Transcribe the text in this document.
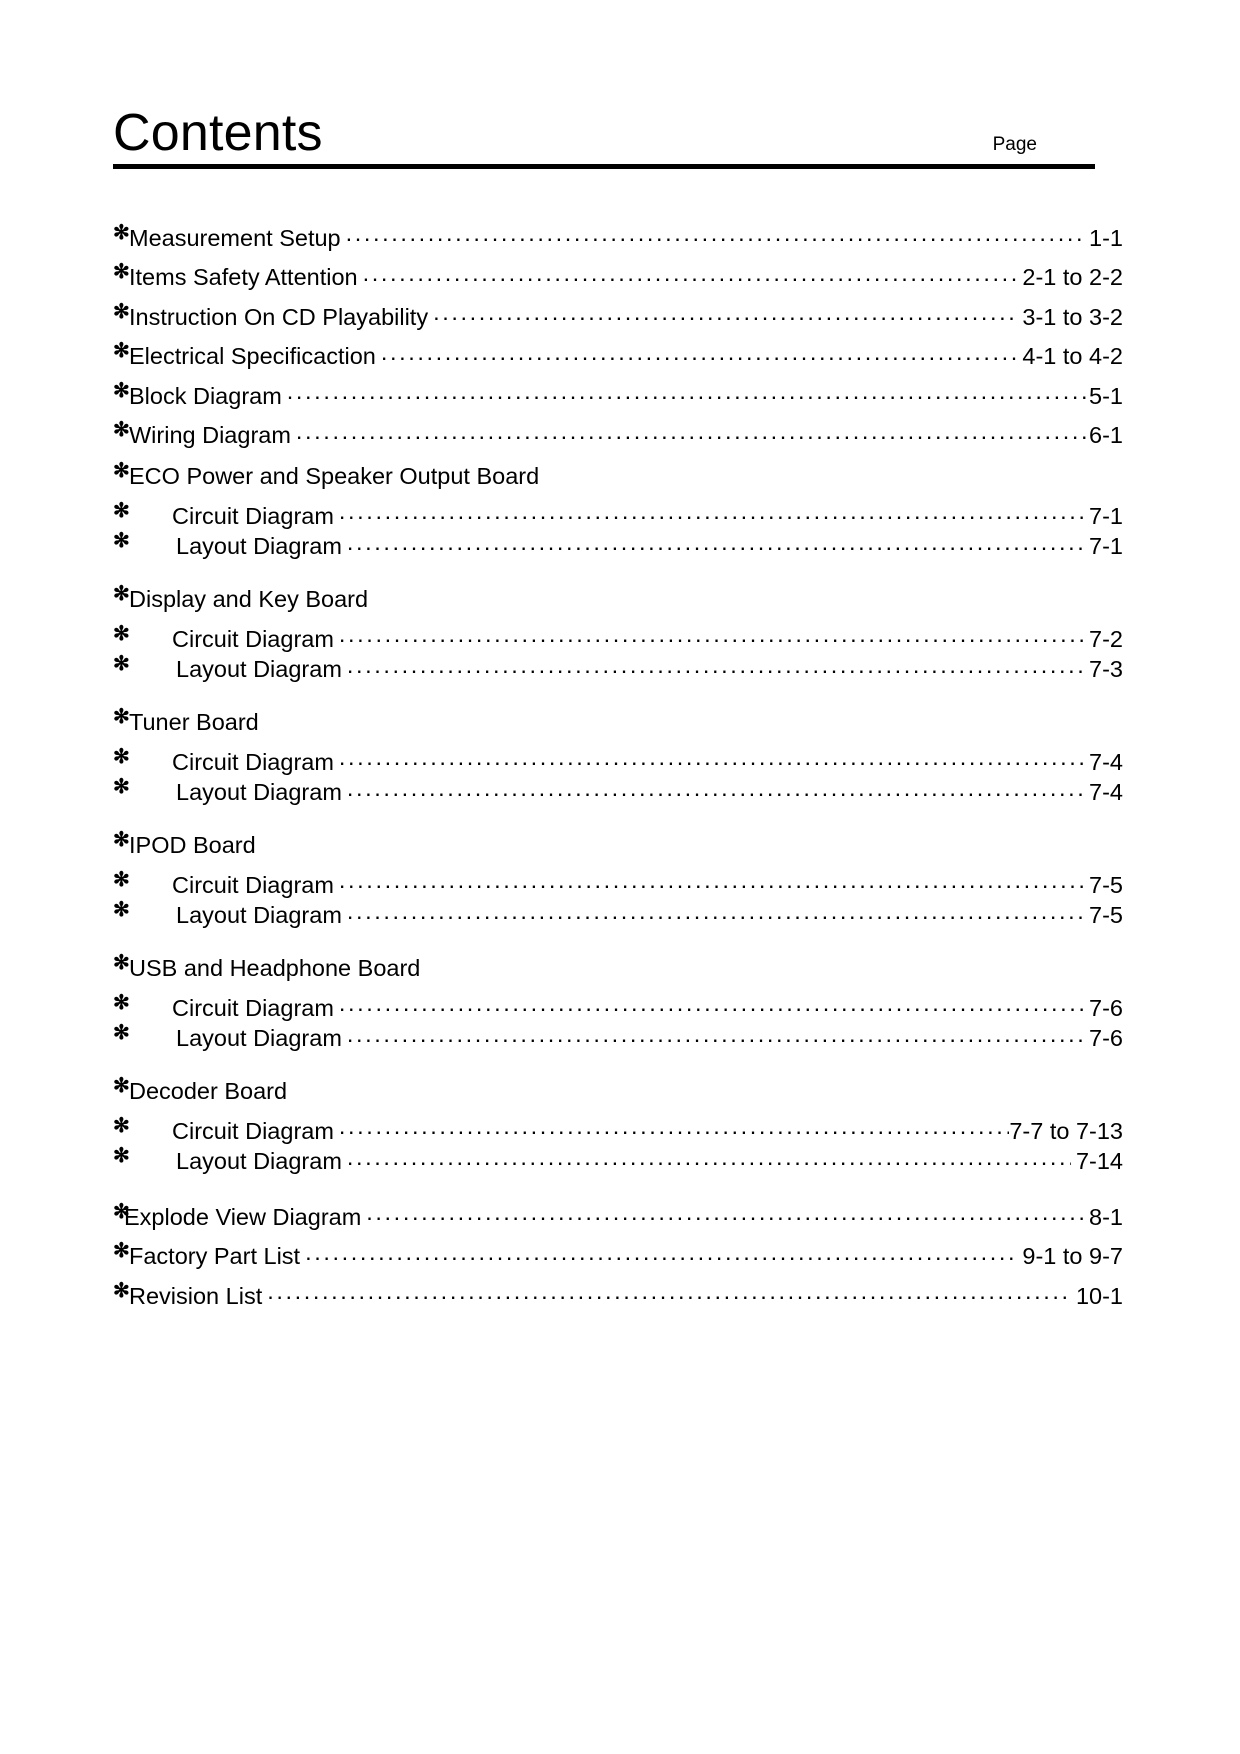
Contents	Page
✻ Measurement Setup .....	1-1
✻ Items Safety Attention .....	2-1 to 2-2
✻ Instruction On CD Playability .....	3-1 to 3-2
✻ Electrical Specificaction .....	4-1 to 4-2
✻ Block Diagram .....	5-1
✻ Wiring Diagram .....	6-1
✻ ECO Power and Speaker Output Board
✻	Circuit Diagram .....	7-1
✻	Layout Diagram .....	7-1
✻ Display and Key Board
✻	Circuit Diagram .....	7-2
✻	Layout Diagram .....	7-3
✻ Tuner Board
✻	Circuit Diagram .....	7-4
✻	Layout Diagram .....	7-4
✻ IPOD Board
✻	Circuit Diagram .....	7-5
✻	Layout Diagram .....	7-5
✻ USB and Headphone Board
✻	Circuit Diagram .....	7-6
✻	Layout Diagram .....	7-6
✻ Decoder Board
✻	Circuit Diagram .....	7-7 to 7-13
✻	Layout Diagram .....	7-14
✻
Explode View Diagram .....	8-1
✻ Factory Part List .....	9-1 to 9-7
✻ Revision List .....	10-1
